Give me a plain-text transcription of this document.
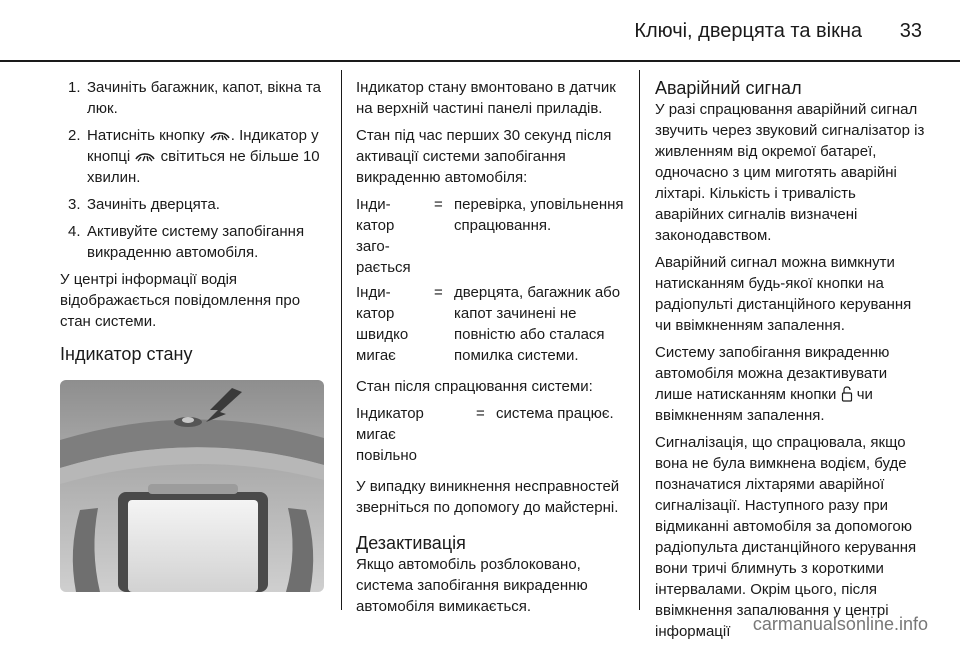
Ключі, дверцята та вікна 33
1. Зачиніть багажник, капот, вікна та люк.
2. Натисніть кнопку . Індикатор у кнопці світиться не більше 10 хвилин.
3. Зачиніть дверцята.
4. Активуйте систему запобігання викраденню автомобіля.

У центрі інформації водія відображається повідомлення про стан системи.

Індикатор стану

Індикатор стану вмонтовано в датчик на верхній частині панелі приладів.

Стан під час перших 30 секунд після активації системи запобігання викраденню автомобіля:

Інди-
катор
заго-
рається	=	перевірка, уповільнення спрацювання.
Інди-
катор
швидко
мигає	=	дверцята, багажник або капот зачинені не повністю або сталася помилка системи.

Стан після спрацювання системи:

Індикатор
мигає
повільно	=	система працює.

У випадку виникнення несправностей зверніться по допомогу до майстерні.

Дезактивація

Якщо автомобіль розблоковано, система запобігання викраденню автомобіля вимикається.

Аварійний сигнал

У разі спрацювання аварійний сигнал звучить через звуковий сигналізатор із живленням від окремої батареї, одночасно з цим миготять аварійні ліхтарі. Кількість і тривалість аварійних сигналів визначені законодавством.

Аварійний сигнал можна вимкнути натисканням будь-якої кнопки на радіопульті дистанційного керування чи ввімкненням запалення.

Систему запобігання викраденню автомобіля можна дезактивувати лише натисканням кнопки чи ввімкненням запалення.

Сигналізація, що спрацювала, якщо вона не була вимкнена водієм, буде позначатися ліхтарями аварійної сигналізації. Наступного разу при відмиканні автомобіля за допомогою радіопульта дистанційного керування вони тричі блимнуть з короткими інтервалами. Окрім цього, після ввімкнення запалювання у центрі інформації	carmanualsonline.info
